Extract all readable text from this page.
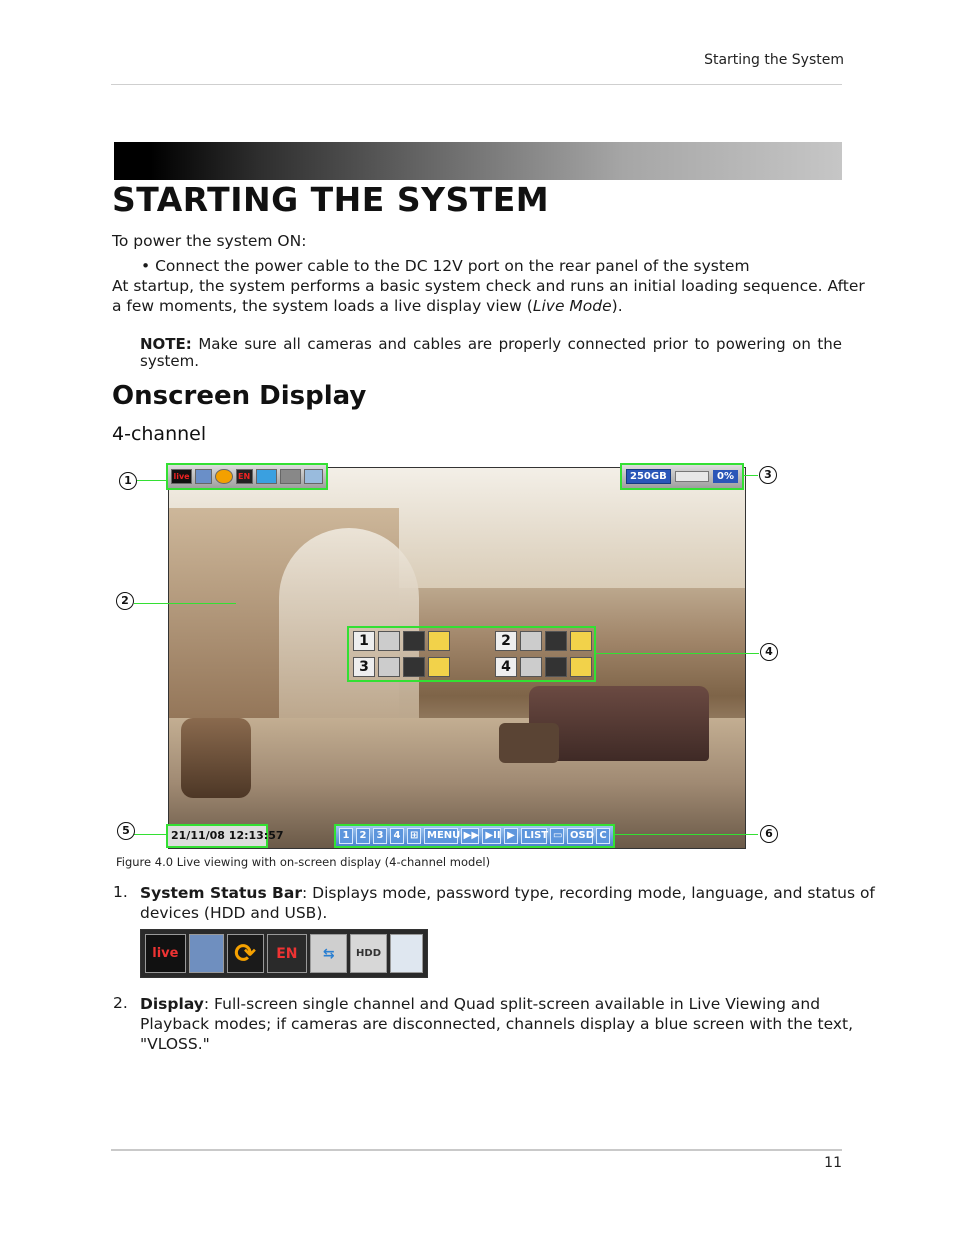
Starting the System
STARTING THE SYSTEM
To power the system ON:
• Connect the power cable to the DC 12V port on the rear panel of the system
At startup, the system performs a basic system check and runs an initial loading sequence. After
a few moments, the system loads a live display view (Live Mode).
NOTE: Make sure all cameras and cables are properly connected prior to powering on the system.
Onscreen Display
4-channel
live	EN	250GB	0%
1	2
3	4
21/11/08 12:13:57	1	2	3	4 ⊞ MENU ▶▶ ▶II ▶ LIST ▭ OSD C
1
2
3
4
5	6
Figure 4.0 Live viewing with on-screen display (4-channel model)
1. System Status Bar: Displays mode, password type, recording mode, language, and status of
devices (HDD and USB).
live ⟳	EN	⇆	HDD
2. Display: Full-screen single channel and Quad split-screen available in Live Viewing and
Playback modes; if cameras are disconnected, channels display a blue screen with the text,
"VLOSS."
11
